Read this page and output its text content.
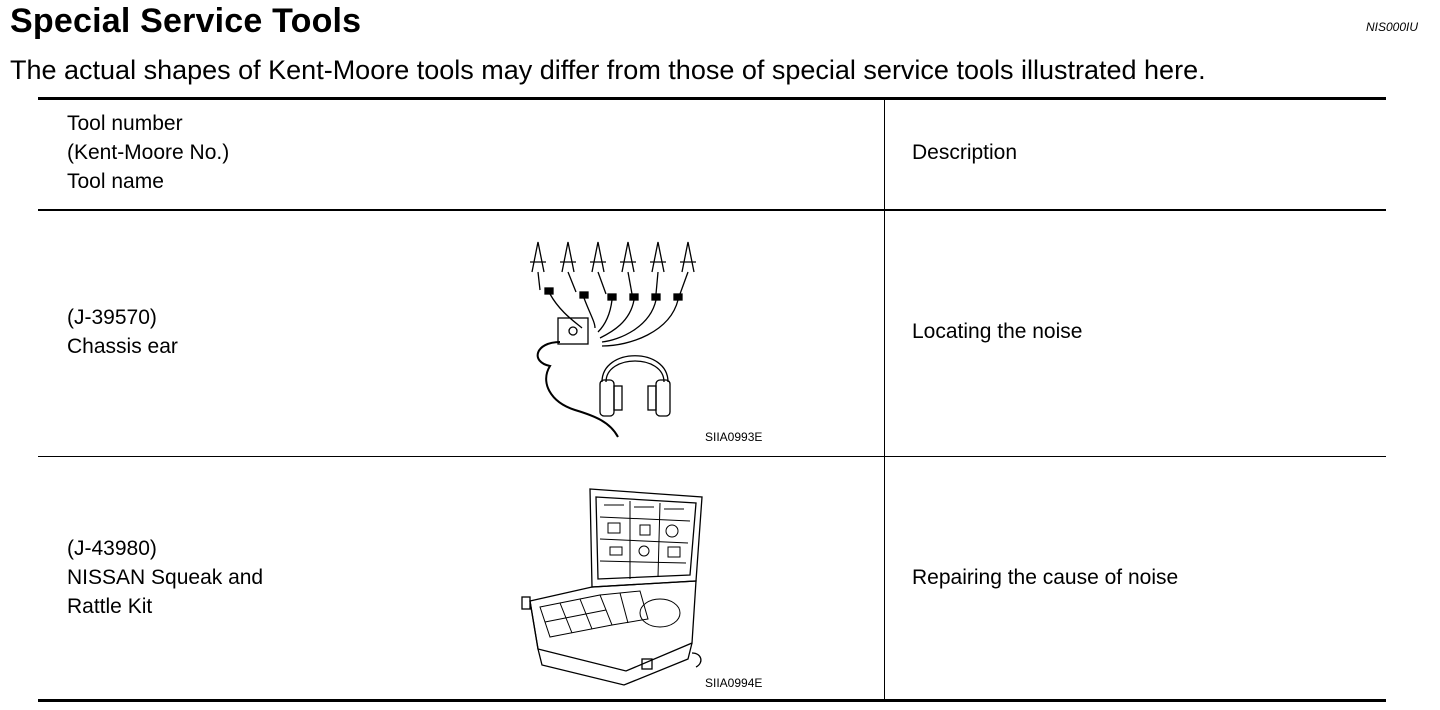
Special Service Tools	NIS000IU
The actual shapes of Kent-Moore tools may differ from those of special service tools illustrated here.
Tool number
(Kent-Moore No.)
Tool name
Description
(J-39570)
Chassis ear
Locating the noise
SIIA0993E
(J-43980)
NISSAN Squeak and
Rattle Kit
Repairing the cause of noise
SIIA0994E
